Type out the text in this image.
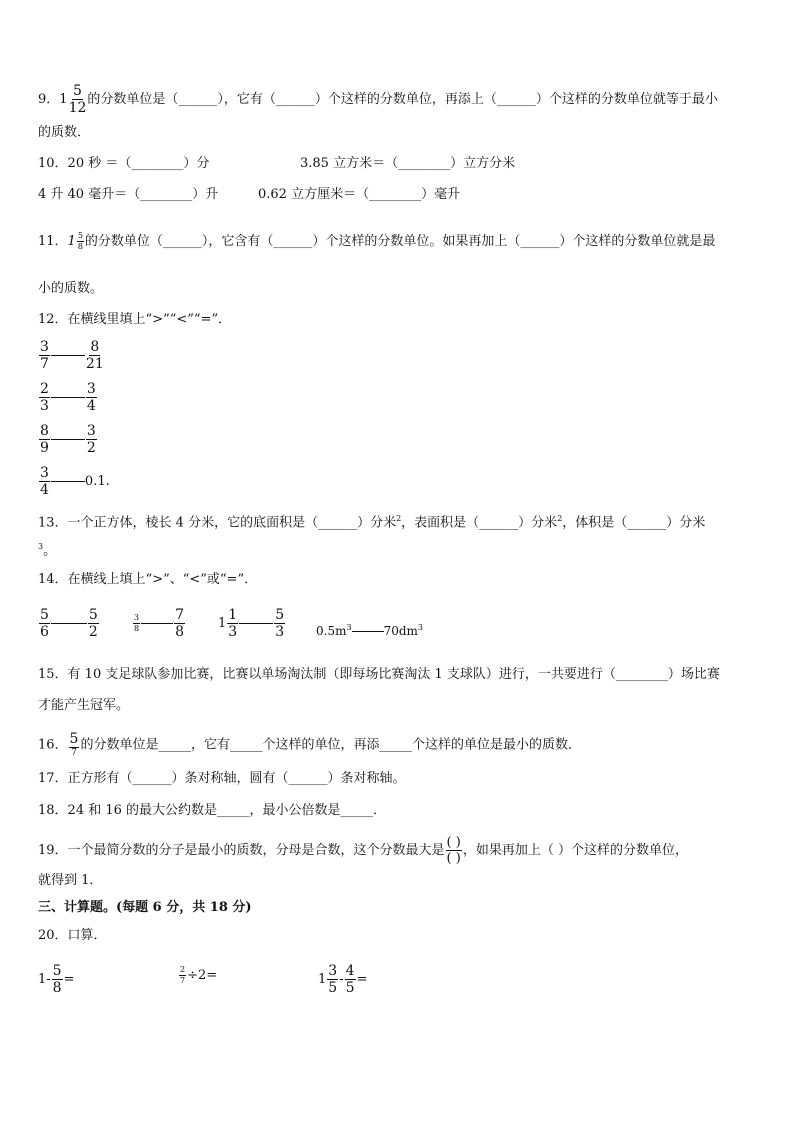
9．$1 \frac{5}{12}$ 的分数单位是（______），它有（______）个这样的分数单位，再添上（______）个这样的分数单位就等于最小
的质数．
10．20 秒 ＝（________）分	3.85 立方米＝（________）立方分米
4 升 40 毫升＝（________）升	0.62 立方厘米＝（________）毫升
11．$1 \frac{5}{8}$ 的分数单位（______），它含有（______）个这样的分数单位。如果再加上（______）个这样的分数单位就是最
小的质数。
12．在横线里填上“>”“<”“=”．
$\frac{3}{7}$	$\frac{8}{21}$
$\frac{2}{3}$	$\frac{3}{4}$
$\frac{8}{9}$	$\frac{3}{2}$
$\frac{3}{4}$	0.1.
13．一个正方体，棱长 4 分米，它的底面积是（______）分米$^2$，表面积是（______）分米$^2$，体积是（______）分米
$^3$。
14．在横线上填上“>”、“<”或“=”．
$\frac{5}{6}$	$\frac{5}{2}$	$\frac{3}{8} \frac{7}{8}$	$1 \frac{1}{3}$	$\frac{5}{3}$	$0.5m^3$	$70dm^3$
15．有 10 支足球队参加比赛，比赛以单场淘汰制（即每场比赛淘汰 1 支球队）进行，一共要进行（________）场比赛
才能产生冠军。
16． $\frac{5}{7}$ 的分数单位是_____，它有_____个这样的单位，再添_____个这样的单位是最小的质数．
17．正方形有（______）条对称轴，圆有（______）条对称轴。
18．24 和 16 的最大公约数是_____，最小公倍数是_____．
19．一个最简分数的分子是最小的质数，分母是合数，这个分数最大是 $\frac{( )}{( )}$ ，如果再加上（ ）个这样的分数单位，
就得到 1．
三、计算题。(每题 6 分，共 18 分)
20．口算．
$1- \frac{5}{8}$ =	$\frac{2}{7} \div 2=$	$1 \frac{3}{5} - \frac{4}{5}$ =
